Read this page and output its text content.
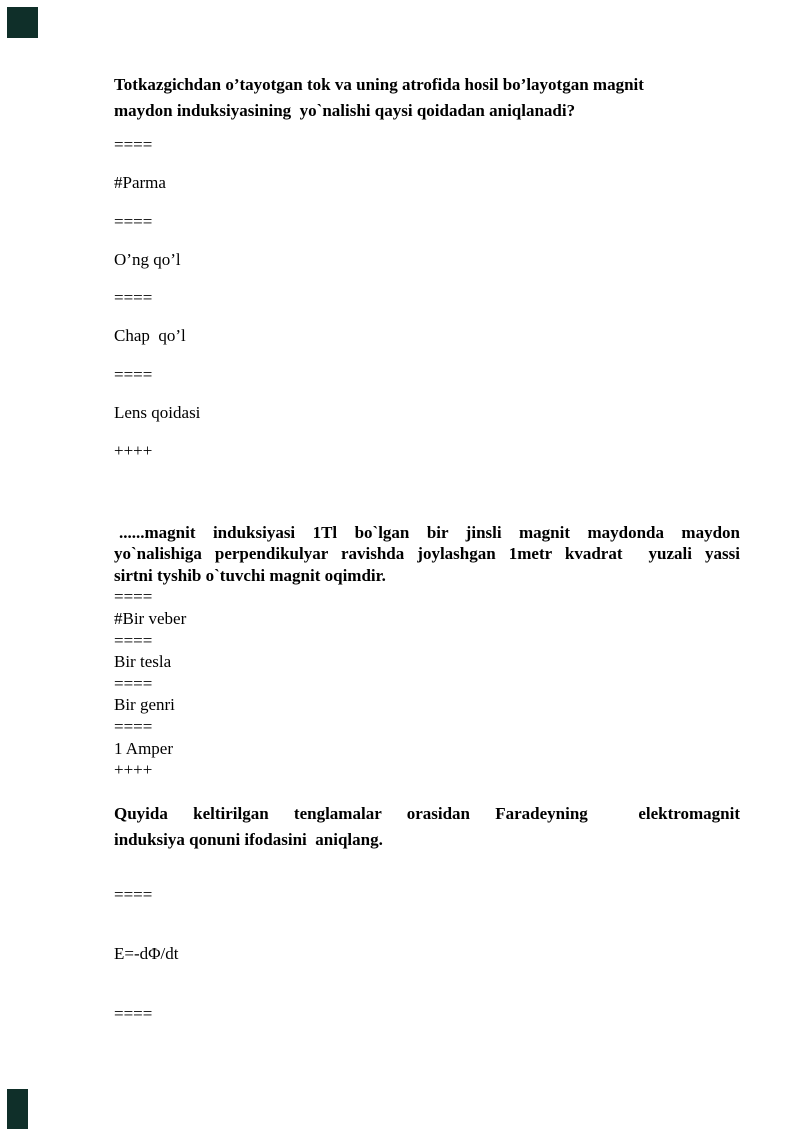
Totkazgichdan o’tayotgan tok va uning atrofida hosil bo’layotgan magnit
maydon induksiyasining  yo`nalishi qaysi qoidadan aniqlanadi?
====
#Parma
====
O’ng qo’l
====
Chap  qo’l
====
Lens qoidasi
++++
......magnit induksiyasi 1Tl bo`lgan bir jinsli magnit maydonda maydon
yo`nalishiga perpendikulyar ravishda joylashgan 1metr kvadrat  yuzali yassi
sirtni tyshib o`tuvchi magnit oqimdir.
====
#Bir veber
====
Bir tesla
====
Bir genri
====
1 Amper
++++
Quyida keltirilgan tenglamalar orasidan Faradeyning  elektromagnit
induksiya qonuni ifodasini  aniqlang.
====
E=-dΦ/dt
====
